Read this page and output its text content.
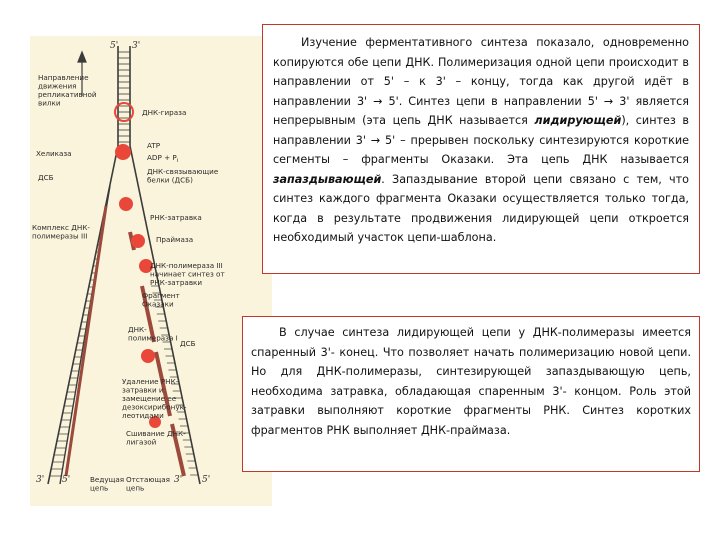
5' 3'
3' 5'	3' 5'
Направление
движения
репликативной
вилки
ДНК-гираза
ATP
ADP + $P_i$
Хеликаза
ДНК-связывающие
белки (ДСБ)
ДСБ
РНК-затравка
Комплекс ДНК-
полимеразы III	Праймаза
ДНК-полимераза III
начинает синтез от
РНК-затравки
Фрагмент
Оказаки
ДСБ
ДНК-
полимераза I
Удаление РНК-
затравки и
замещение ее
дезоксирибонук-
леотидами
Сшивание ДНК-
лигазой
Ведущая
цепь
Отстающая
цепь

Изучение ферментативного синтеза показало, одновременно копируются обе цепи ДНК. Полимеризация одной цепи происходит в направлении от 5' – к 3' – концу, тогда как другой идёт в направлении 3' → 5'. Синтез цепи в направлении 5' → 3' является непрерывным (эта цепь ДНК называется лидирующей), синтез в направлении 3' → 5' – прерывен поскольку синтезируются короткие сегменты – фрагменты Оказаки. Эта цепь ДНК называется запаздывающей. Запаздывание второй цепи связано с тем, что синтез каждого фрагмента Оказаки осуществляется только тогда, когда в результате продвижения лидирующей цепи откроется необходимый участок цепи-шаблона.

В случае синтеза лидирующей цепи у ДНК-полимеразы имеется спаренный 3'- конец. Что позволяет начать полимеризацию новой цепи. Но для ДНК-полимеразы, синтезирующей запаздывающую цепь, необходима затравка, обладающая спаренным 3'- концом. Роль этой затравки выполняют короткие фрагменты РНК. Синтез коротких фрагментов РНК выполняет ДНК-праймаза.
